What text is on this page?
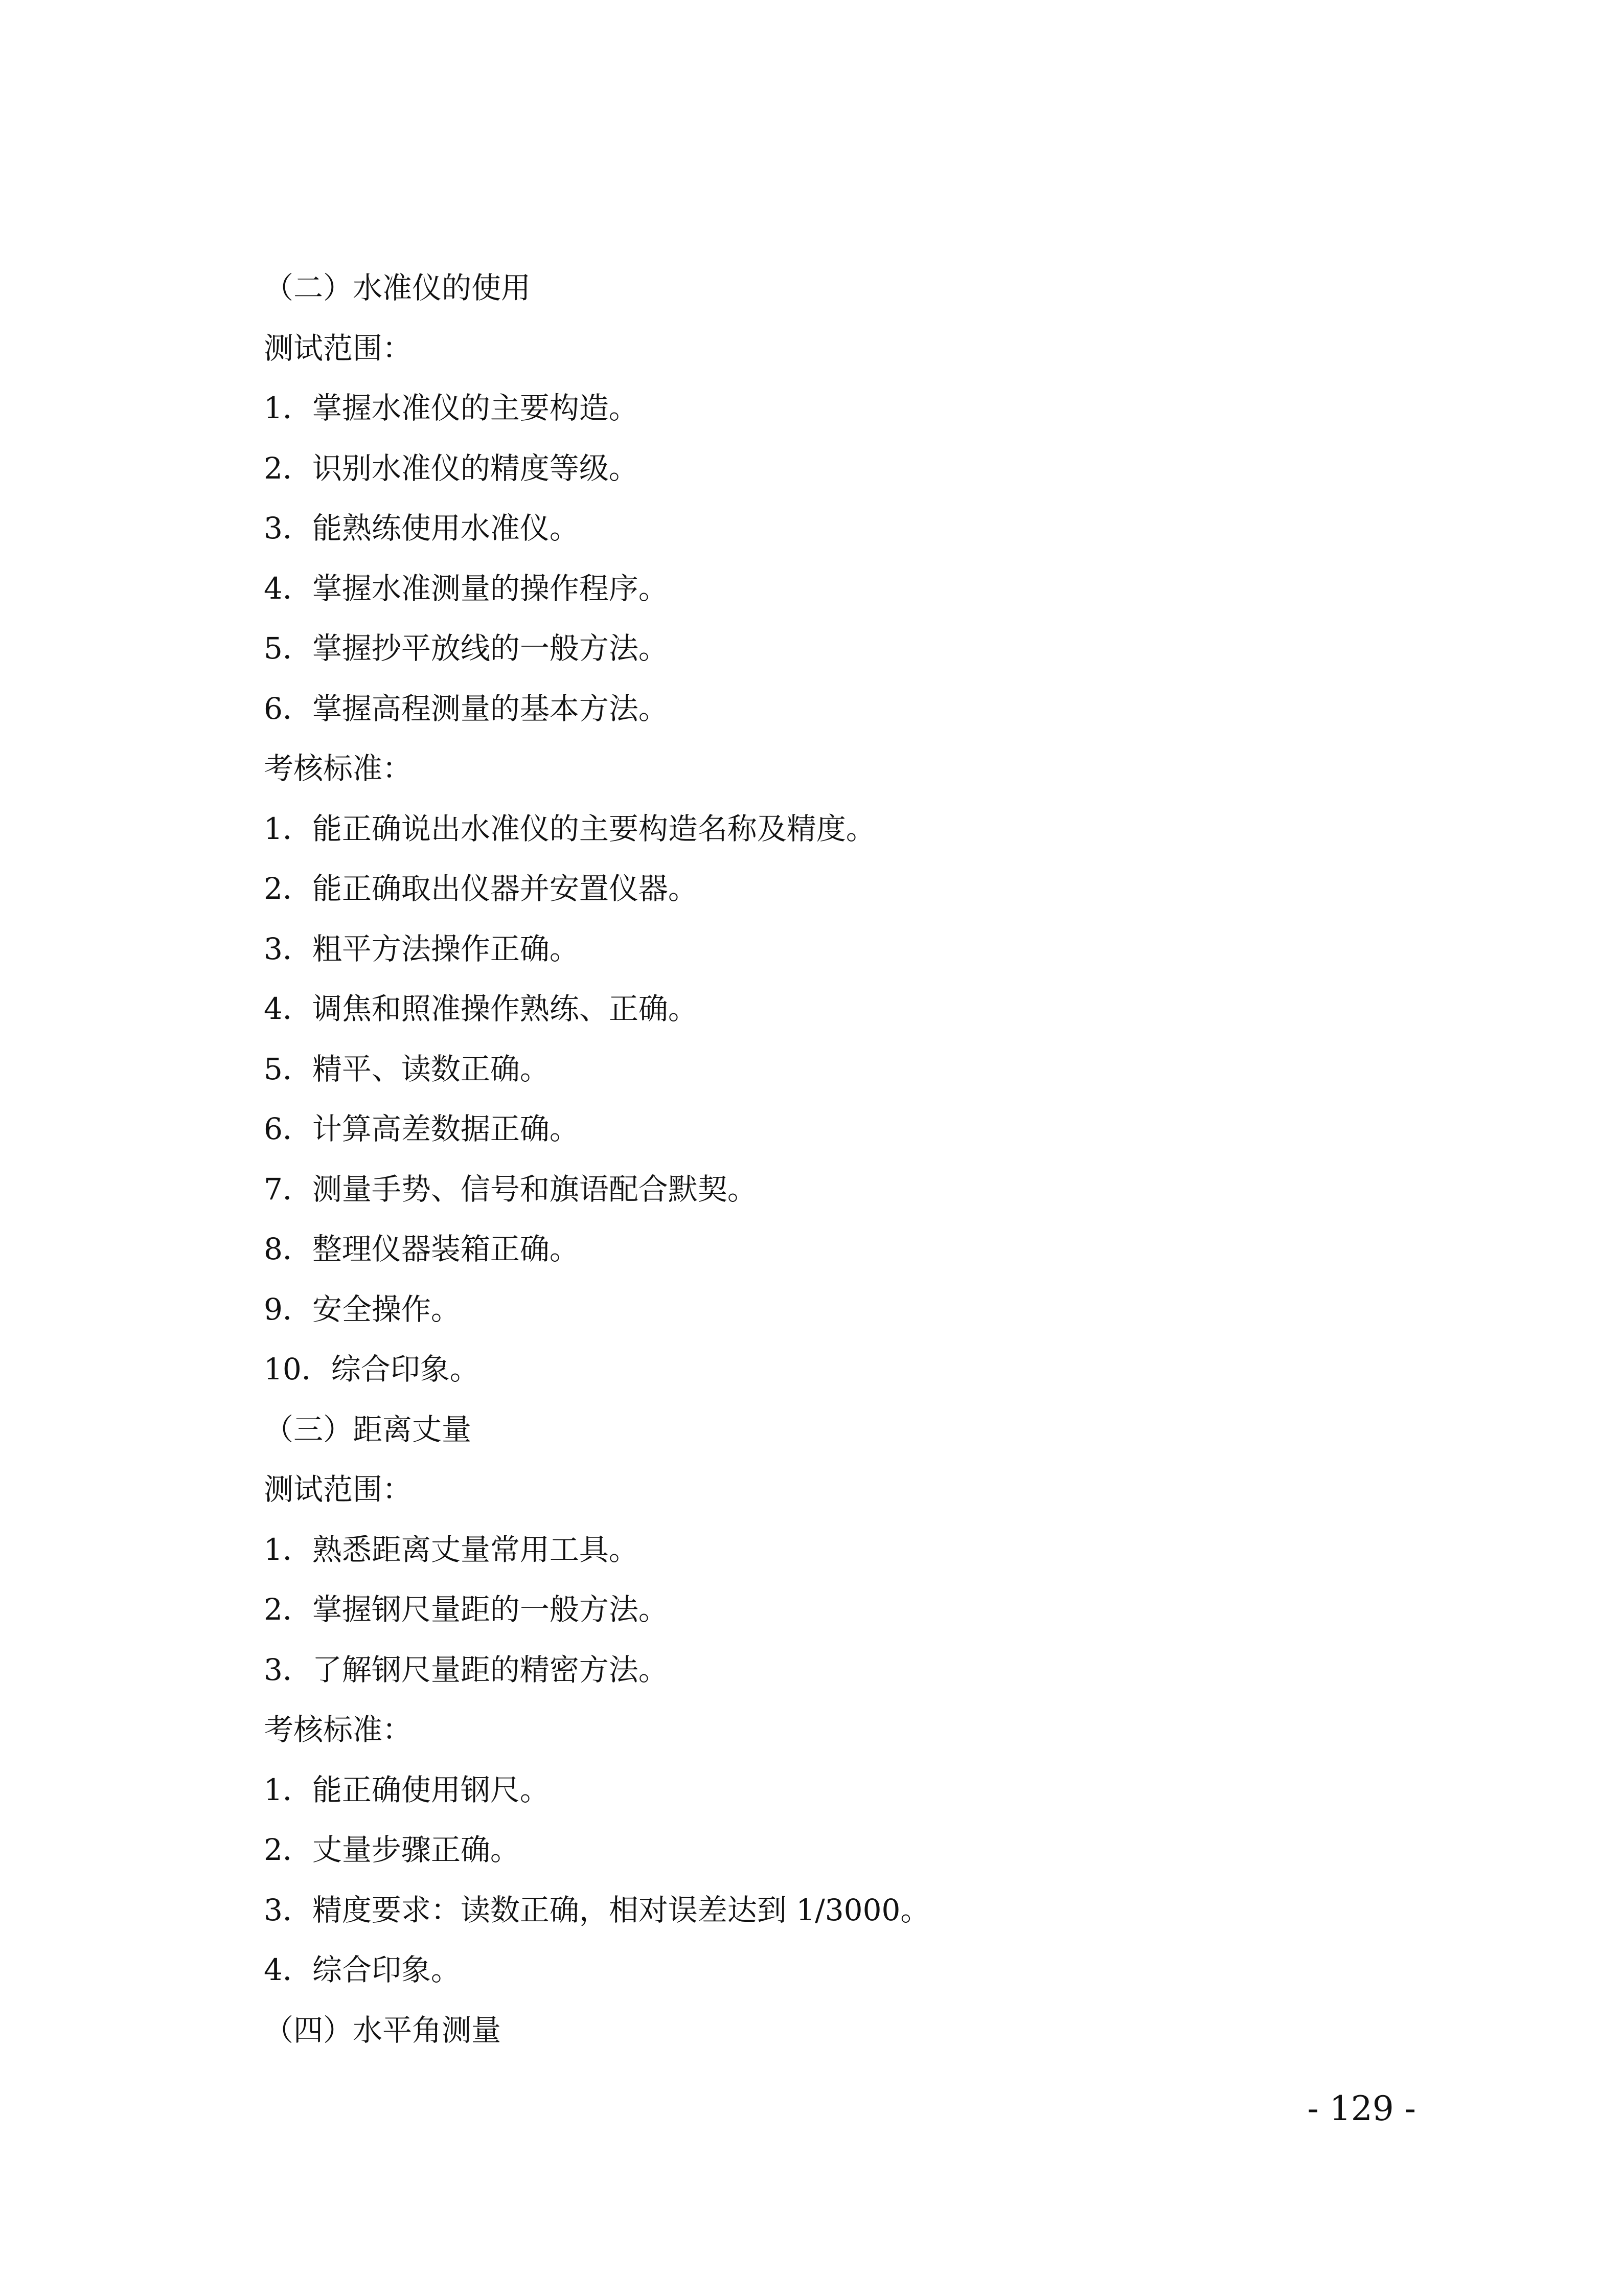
（二）水准仪的使用
测试范围：
1．掌握水准仪的主要构造。
2．识别水准仪的精度等级。
3．能熟练使用水准仪。
4．掌握水准测量的操作程序。
5．掌握抄平放线的一般方法。
6．掌握高程测量的基本方法。
考核标准：
1．能正确说出水准仪的主要构造名称及精度。
2．能正确取出仪器并安置仪器。
3．粗平方法操作正确。
4．调焦和照准操作熟练、正确。
5．精平、读数正确。
6．计算高差数据正确。
7．测量手势、信号和旗语配合默契。
8．整理仪器装箱正确。
9．安全操作。
10．综合印象。
（三）距离丈量
测试范围：
1．熟悉距离丈量常用工具。
2．掌握钢尺量距的一般方法。
3．了解钢尺量距的精密方法。
考核标准：
1．能正确使用钢尺。
2．丈量步骤正确。
3．精度要求：读数正确，相对误差达到 1/3000。
4．综合印象。
（四）水平角测量
- 129 -
